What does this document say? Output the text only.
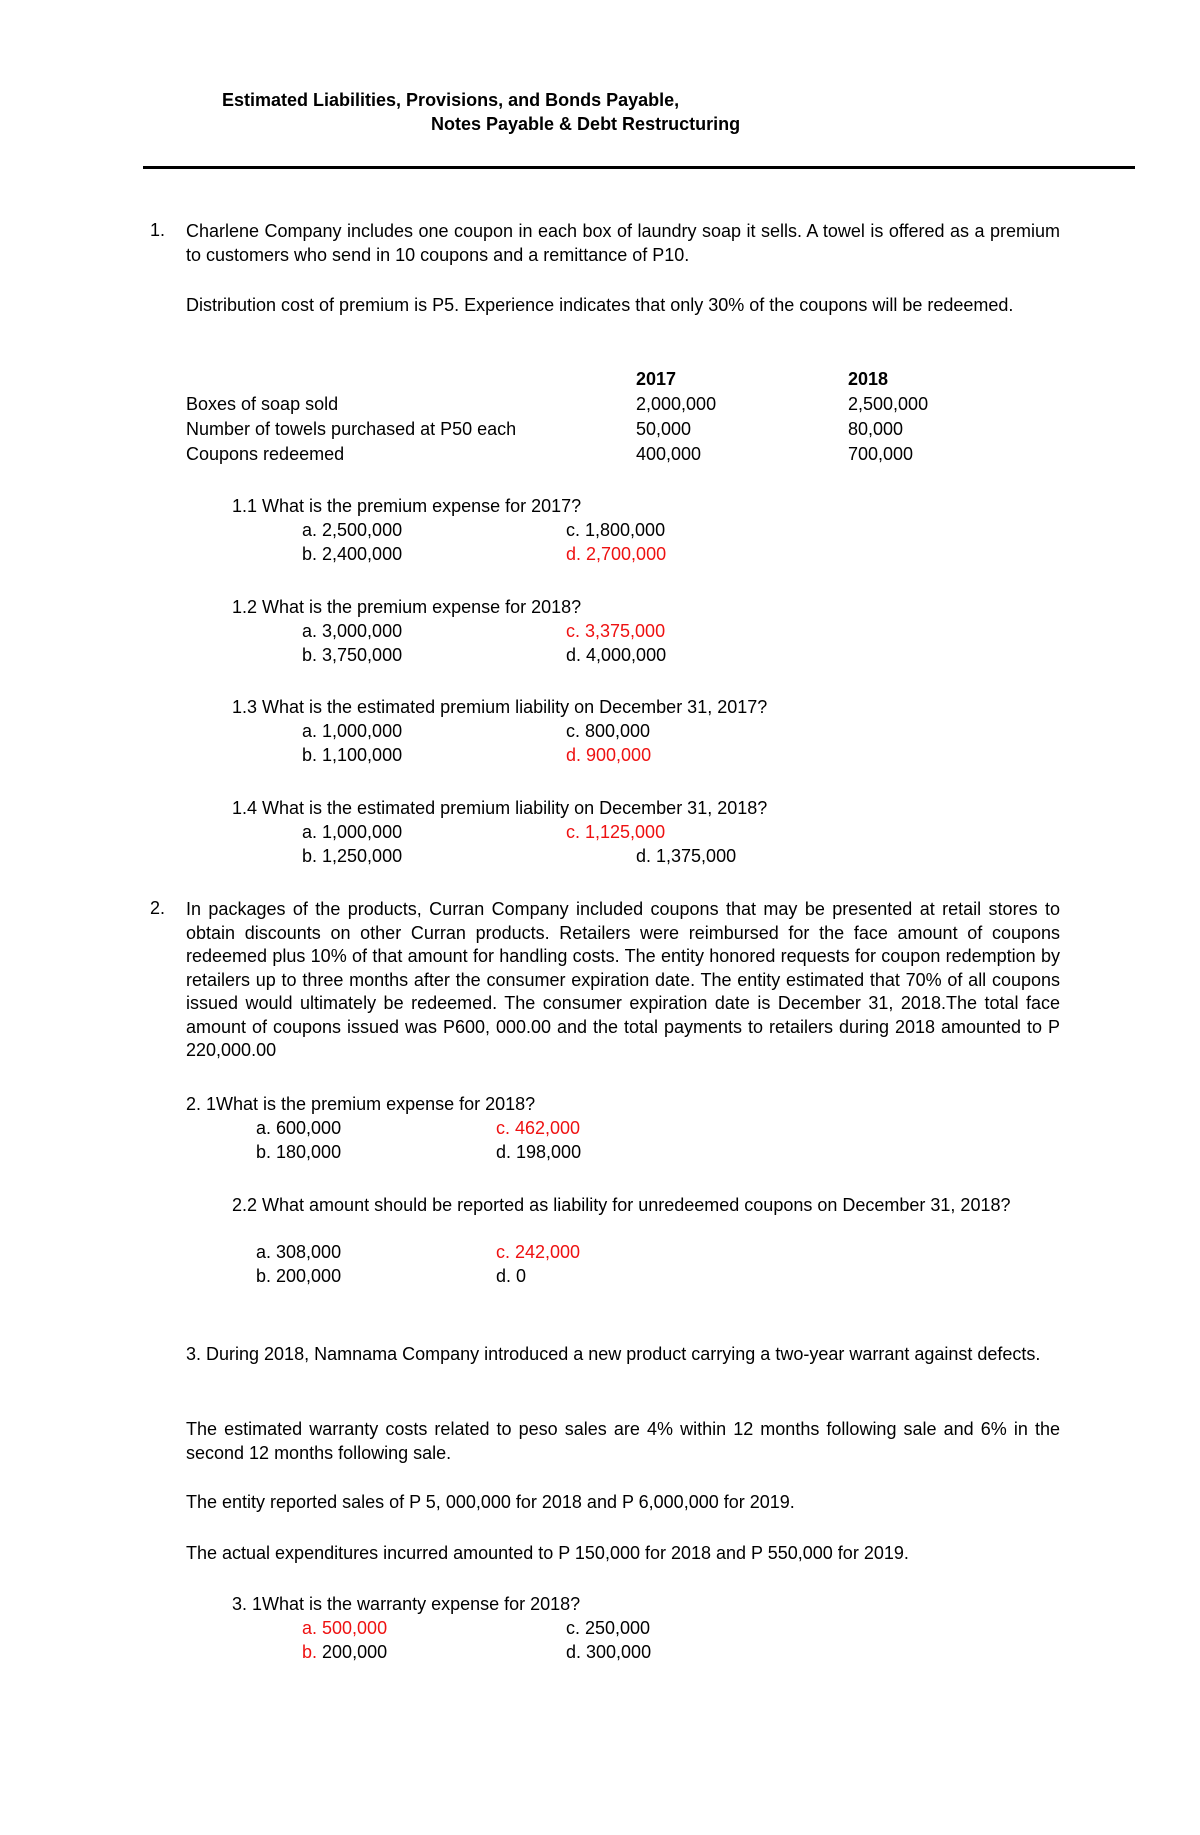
Estimated Liabilities, Provisions, and Bonds Payable,
Notes Payable & Debt Restructuring
1. Charlene Company includes one coupon in each box of laundry soap it sells. A towel is offered as a premium to customers who send in 10 coupons and a remittance of P10.

Distribution cost of premium is P5. Experience indicates that only 30% of the coupons will be redeemed.

2017	2018
Boxes of soap sold	2,000,000	2,500,000
Number of towels purchased at P50 each	50,000	80,000
Coupons redeemed	400,000	700,000
1.1 What is the premium expense for 2017?
a. 2,500,000	c. 1,800,000
b. 2,400,000	d. 2,700,000
1.2 What is the premium expense for 2018?
a. 3,000,000	c. 3,375,000
b. 3,750,000	d. 4,000,000
1.3 What is the estimated premium liability on December 31, 2017?
a. 1,000,000	c. 800,000
b. 1,100,000	d. 900,000
1.4 What is the estimated premium liability on December 31, 2018?
a. 1,000,000	c. 1,125,000
b. 1,250,000	d. 1,375,000
2. In packages of the products, Curran Company included coupons that may be presented at retail stores to obtain discounts on other Curran products. Retailers were reimbursed for the face amount of coupons redeemed plus 10% of that amount for handling costs. The entity honored requests for coupon redemption by retailers up to three months after the consumer expiration date. The entity estimated that 70% of all coupons issued would ultimately be redeemed. The consumer expiration date is December 31, 2018.The total face amount of coupons issued was P600, 000.00 and the total payments to retailers during 2018 amounted to P 220,000.00

2. 1What is the premium expense for 2018?
a. 600,000	c. 462,000
b. 180,000	d. 198,000

2.2 What amount should be reported as liability for unredeemed coupons on December 31, 2018?

a. 308,000	c. 242,000
b. 200,000	d. 0

3. During 2018, Namnama Company introduced a new product carrying a two-year warrant against defects.

The estimated warranty costs related to peso sales are 4% within 12 months following sale and 6% in the second 12 months following sale.

The entity reported sales of P 5, 000,000 for 2018 and P 6,000,000 for 2019.
The actual expenditures incurred amounted to P 150,000 for 2018 and P 550,000 for 2019.
3. 1What is the warranty expense for 2018?
a. 500,000	c. 250,000
b. 200,000	d. 300,000
